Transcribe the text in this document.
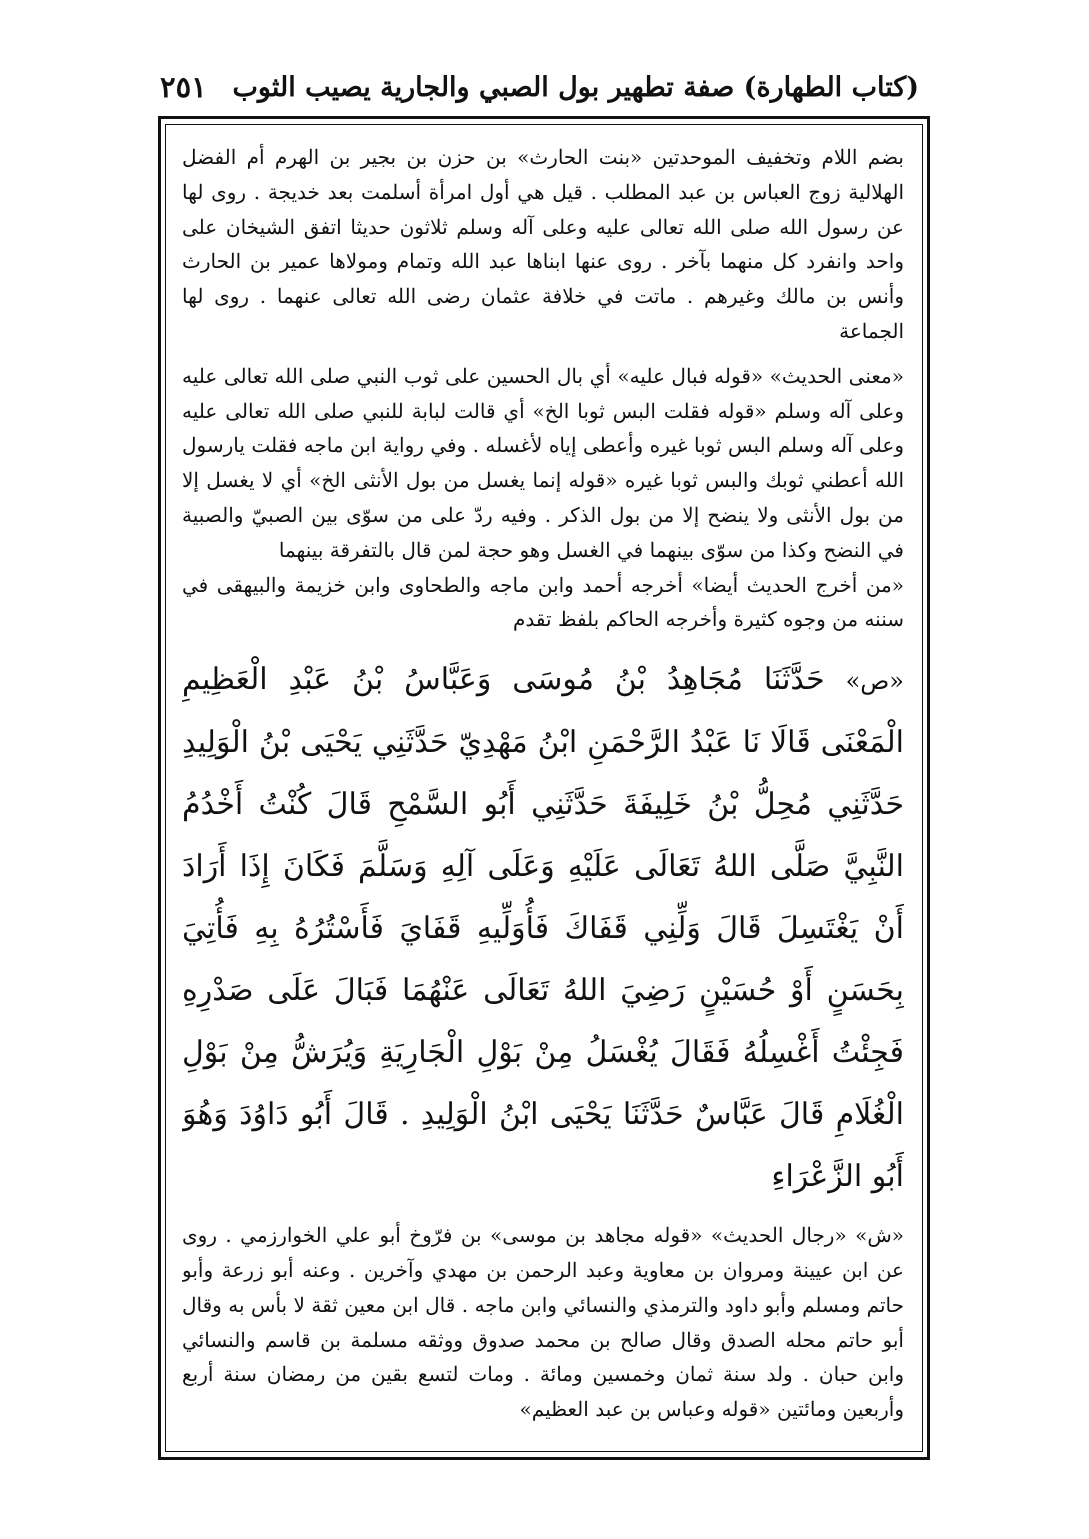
(كتاب الطهارة) صفة تطهير بول الصبي والجارية يصيب الثوب
٢٥١

بضم اللام وتخفيف الموحدتين «بنت الحارث» بن حزن بن بجير بن الهرم أم الفضل الهلالية زوج العباس بن عبد المطلب . قيل هي أول امرأة أسلمت بعد خديجة . روى لها عن رسول الله صلى الله تعالى عليه وعلى آله وسلم ثلاثون حديثا اتفق الشيخان على واحد وانفرد كل منهما بآخر . روى عنها ابناها عبد الله وتمام ومولاها عمير بن الحارث وأنس بن مالك وغيرهم . ماتت في خلافة عثمان رضى الله تعالى عنهما . روى لها الجماعة

«معنى الحديث» «قوله فبال عليه» أي بال الحسين على ثوب النبي صلى الله تعالى عليه وعلى آله وسلم «قوله فقلت البس ثوبا الخ» أي قالت لبابة للنبي صلى الله تعالى عليه وعلى آله وسلم البس ثوبا غيره وأعطى إياه لأغسله . وفي رواية ابن ماجه فقلت يارسول الله أعطني ثوبك والبس ثوبا غيره «قوله إنما يغسل من بول الأنثى الخ» أي لا يغسل إلا من بول الأنثى ولا ينضح إلا من بول الذكر . وفيه ردّ على من سوّى بين الصبيّ والصبية في النضح وكذا من سوّى بينهما في الغسل وهو حجة لمن قال بالتفرقة بينهما

«من أخرج الحديث أيضا» أخرجه أحمد وابن ماجه والطحاوى وابن خزيمة والبيهقى في سننه من وجوه كثيرة وأخرجه الحاكم بلفظ تقدم

«ص» حَدَّثَنَا مُجَاهِدُ بْنُ مُوسَى وَعَبَّاسُ بْنُ عَبْدِ الْعَظِيمِ الْمَعْنَى قَالَا نَا عَبْدُ الرَّحْمَنِ ابْنُ مَهْدِيّ حَدَّثَنِي يَحْيَى بْنُ الْوَلِيدِ حَدَّثَنِي مُحِلُّ بْنُ خَلِيفَةَ حَدَّثَنِي أَبُو السَّمْحِ قَالَ كُنْتُ أَخْدُمُ النَّبِيَّ صَلَّى اللهُ تَعَالَى عَلَيْهِ وَعَلَى آلِهِ وَسَلَّمَ فَكَانَ إِذَا أَرَادَ أَنْ يَغْتَسِلَ قَالَ وَلِّنِي قَفَاكَ فَأُوَلِّيهِ قَفَايَ فَأَسْتُرُهُ بِهِ فَأُتِيَ بِحَسَنٍ أَوْ حُسَيْنٍ رَضِيَ اللهُ تَعَالَى عَنْهُمَا فَبَالَ عَلَى صَدْرِهِ فَجِئْتُ أَغْسِلُهُ فَقَالَ يُغْسَلُ مِنْ بَوْلِ الْجَارِيَةِ وَيُرَشُّ مِنْ بَوْلِ الْغُلَامِ قَالَ عَبَّاسٌ حَدَّثَنَا يَحْيَى ابْنُ الْوَلِيدِ . قَالَ أَبُو دَاوُدَ وَهُوَ أَبُو الزَّعْرَاءِ

«ش» «رجال الحديث» «قوله مجاهد بن موسى» بن فرّوخ أبو علي الخوارزمي . روى عن ابن عيينة ومروان بن معاوية وعبد الرحمن بن مهدي وآخرين . وعنه أبو زرعة وأبو حاتم ومسلم وأبو داود والترمذي والنسائي وابن ماجه . قال ابن معين ثقة لا بأس به وقال أبو حاتم محله الصدق وقال صالح بن محمد صدوق ووثقه مسلمة بن قاسم والنسائي وابن حبان . ولد سنة ثمان وخمسين ومائة . ومات لتسع بقين من رمضان سنة أربع وأربعين ومائتين «قوله وعباس بن عبد العظيم»
